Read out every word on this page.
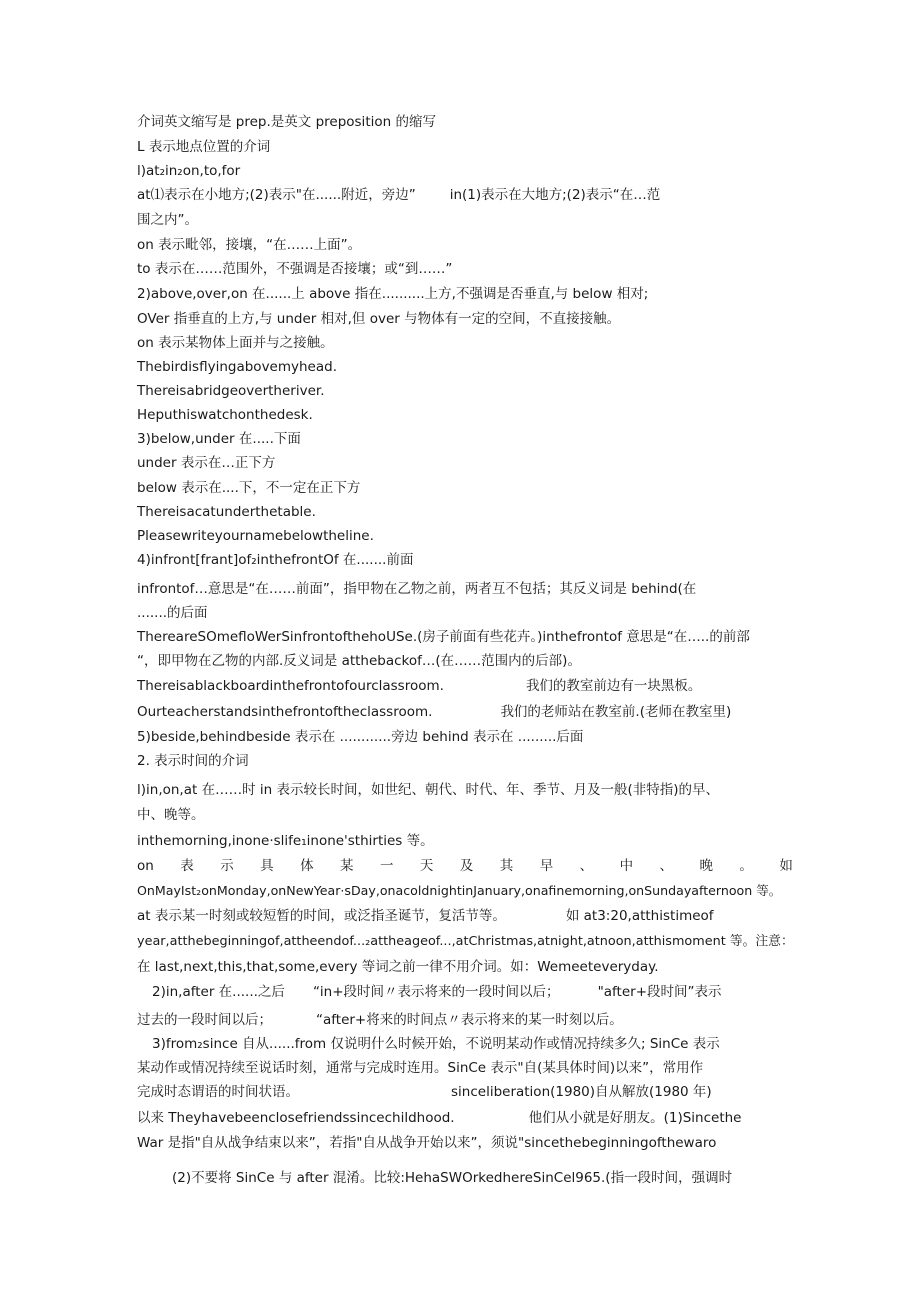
介词英文缩写是 prep.是英文 preposition 的缩写
L 表示地点位置的介词
l)at₂in₂on,to,for
at⑴表示在小地方;(2)表示"在......附近，旁边”	in(1)表示在大地方;(2)表示“在…范
围之内”。
on 表示毗邻，接壤，“在……上面”。
to 表示在……范围外，不强调是否接壤；或“到……”
2)above,over,on 在......上 above 指在..........上方,不强调是否垂直,与 below 相对;
OVer 指垂直的上方,与 under 相对,但 over 与物体有一定的空间，不直接接触。
on 表示某物体上面并与之接触。
Thebirdisflyingabovemyhead.
Thereisabridgeovertheriver.
Heputhiswatchonthedesk.
3)below,under 在.....下面
under 表示在…正下方
below 表示在....下，不一定在正下方
Thereisacatunderthetable.
Pleasewriteyournamebelowtheline.
4)infront[frant]of₂inthefrontOf 在.......前面
infrontof…意思是“在……前面”，指甲物在乙物之前，两者互不包括；其反义词是 behind(在
.......的后面
ThereareSOmefloWerSinfrontofthehoUSe.(房子前面有些花卉。)inthefrontof 意思是“在…..的前部
“，即甲物在乙物的内部.反义词是 atthebackof…(在……范围内的后部)。
Thereisablackboardinthefrontofourclassroom.	我们的教室前边有一块黑板。
Ourteacherstandsinthefrontoftheclassroom.	我们的老师站在教室前.(老师在教室里)
5)beside,behindbeside 表示在 ............旁边 behind 表示在 .........后面
2. 表示时间的介词
l)in,on,at 在……时 in 表示较长时间，如世纪、朝代、时代、年、季节、月及一般(非特指)的早、
中、晚等。
inthemorning,inone·slife₁inone'sthirties 等。
on 表 示 具 体 某 一 天 及 其 早 、 中 、 晚 。 如
OnMayIst₂onMonday,onNewYear·sDay,onacoldnightinJanuary,onafinemorning,onSundayafternoon 等。
at 表示某一时刻或较短暂的时间，或泛指圣诞节，复活节等。	如 at3:20,atthistimeof
year,atthebeginningof,attheendof...₂attheageof...,atChristmas,atnight,atnoon,atthismoment 等。注意：
在 last,next,this,that,some,every 等词之前一律不用介词。如：Wemeeteveryday.
2)in,after 在......之后 “in+段时间〃表示将来的一段时间以后；	"after+段时间”表示
过去的一段时间以后；	“after+将来的时间点〃表示将来的某一时刻以后。
3)from₂since 自从......from 仅说明什么时候开始，不说明某动作或情况持续多久; SinCe 表示
某动作或情况持续至说话时刻，通常与完成时连用。SinCe 表示"自(某具体时间)以来”，常用作
完成时态谓语的时间状语。	sinceliberation(1980)自从解放(1980 年)
以来 Theyhavebeenclosefriendssincechildhood.	他们从小就是好朋友。(1)Sincethe
War 是指"自从战争结束以来”，若指"自从战争开始以来”，须说"sincethebeginningofthewaro
(2)不要将 SinCe 与 after 混淆。比较:HehaSWOrkedhereSinCel965.(指一段时间，强调时
